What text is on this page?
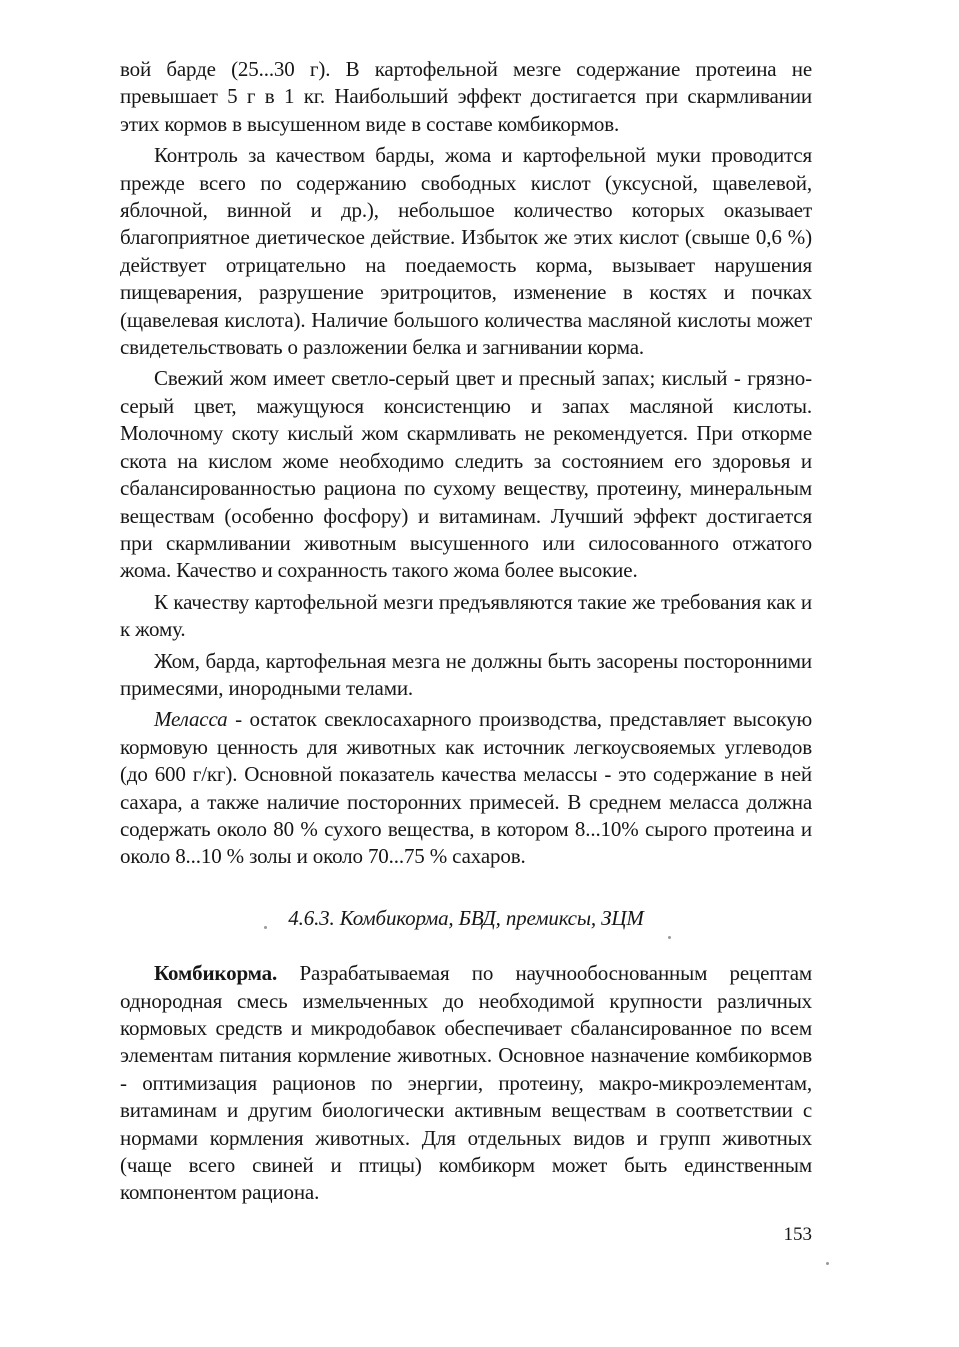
вой барде (25...30 г). В картофельной мезге содержание протеина не превышает 5 г в 1 кг. Наибольший эффект достигается при скармливании этих кормов в высушенном виде в составе комбикормов.

Контроль за качеством барды, жома и картофельной муки проводится прежде всего по содержанию свободных кислот (уксусной, щавелевой, яблочной, винной и др.), небольшое количество которых оказывает благоприятное диетическое действие. Избыток же этих кислот (свыше 0,6 %) действует отрицательно на поедаемость корма, вызывает нарушения пищеварения, разрушение эритроцитов, изменение в костях и почках (щавелевая кислота). Наличие большого количества масляной кислоты может свидетельствовать о разложении белка и загнивании корма.

Свежий жом имеет светло-серый цвет и пресный запах; кислый - грязно-серый цвет, мажущуюся консистенцию и запах масляной кислоты. Молочному скоту кислый жом скармливать не рекомендуется. При откорме скота на кислом жоме необходимо следить за состоянием его здоровья и сбалансированностью рациона по сухому веществу, протеину, минеральным веществам (особенно фосфору) и витаминам. Лучший эффект достигается при скармливании животным высушенного или силосованного отжатого жома. Качество и сохранность такого жома более высокие.

К качеству картофельной мезги предъявляются такие же требования как и к жому.

Жом, барда, картофельная мезга не должны быть засорены посторонними примесями, инородными телами.

Меласса - остаток свеклосахарного производства, представляет высокую кормовую ценность для животных как источник легкоусвояемых углеводов (до 600 г/кг). Основной показатель качества мелассы - это содержание в ней сахара, а также наличие посторонних примесей. В среднем меласса должна содержать около 80 % сухого вещества, в котором 8...10% сырого протеина и около 8...10 % золы и около 70...75 % сахаров.

4.6.3. Комбикорма, БВД, премиксы, ЗЦМ

Комбикорма. Разрабатываемая по научнообоснованным рецептам однородная смесь измельченных до необходимой крупности различных кормовых средств и микродобавок обеспечивает сбалансированное по всем элементам питания кормление животных. Основное назначение комбикормов - оптимизация рационов по энергии, протеину, макро-микроэлементам, витаминам и другим биологически активным веществам в соответствии с нормами кормления животных. Для отдельных видов и групп животных (чаще всего свиней и птицы) комбикорм может быть единственным компонентом рациона.

153
